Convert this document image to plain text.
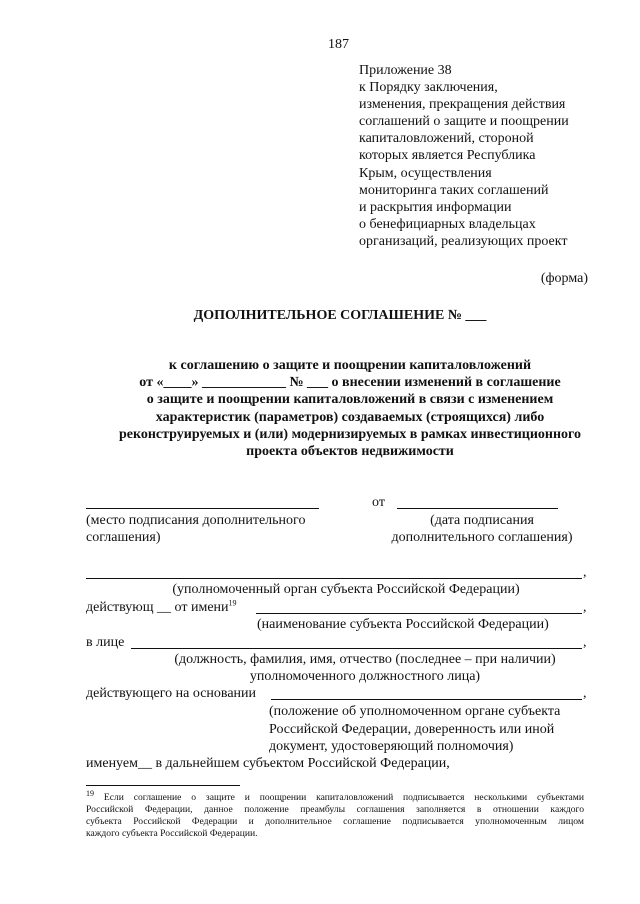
187
Приложение 38
к Порядку заключения,
изменения, прекращения действия
соглашений о защите и поощрении
капиталовложений, стороной
которых является Республика
Крым, осуществления
мониторинга таких соглашений
и раскрытия информации
о бенефициарных владельцах
организаций, реализующих проект
(форма)
ДОПОЛНИТЕЛЬНОЕ СОГЛАШЕНИЕ № ___
к соглашению о защите и поощрении капиталовложений
от «____» ____________ № ___ о внесении изменений в соглашение
о защите и поощрении капиталовложений в связи с изменением
характеристик (параметров) создаваемых (строящихся) либо
реконструируемых и (или) модернизируемых в рамках инвестиционного
проекта объектов недвижимости
от
(место подписания дополнительного
соглашения)
(дата подписания
дополнительного соглашения)
,
(уполномоченный орган субъекта Российской Федерации)
действующ __ от имени$^{19}$	,
(наименование субъекта Российской Федерации)
в лице	,
(должность, фамилия, имя, отчество (последнее – при наличии)
уполномоченного должностного лица)
действующего на основании	,
(положение об уполномоченном органе субъекта
Российской Федерации, доверенность или иной
документ, удостоверяющий полномочия)
именуем__ в дальнейшем субъектом Российской Федерации,
$^{19}$ Если соглашение о защите и поощрении капиталовложений подписывается несколькими субъектами
Российской Федерации, данное положение преамбулы соглашения заполняется в отношении каждого
субъекта Российской Федерации и дополнительное соглашение подписывается уполномоченным лицом
каждого субъекта Российской Федерации.
